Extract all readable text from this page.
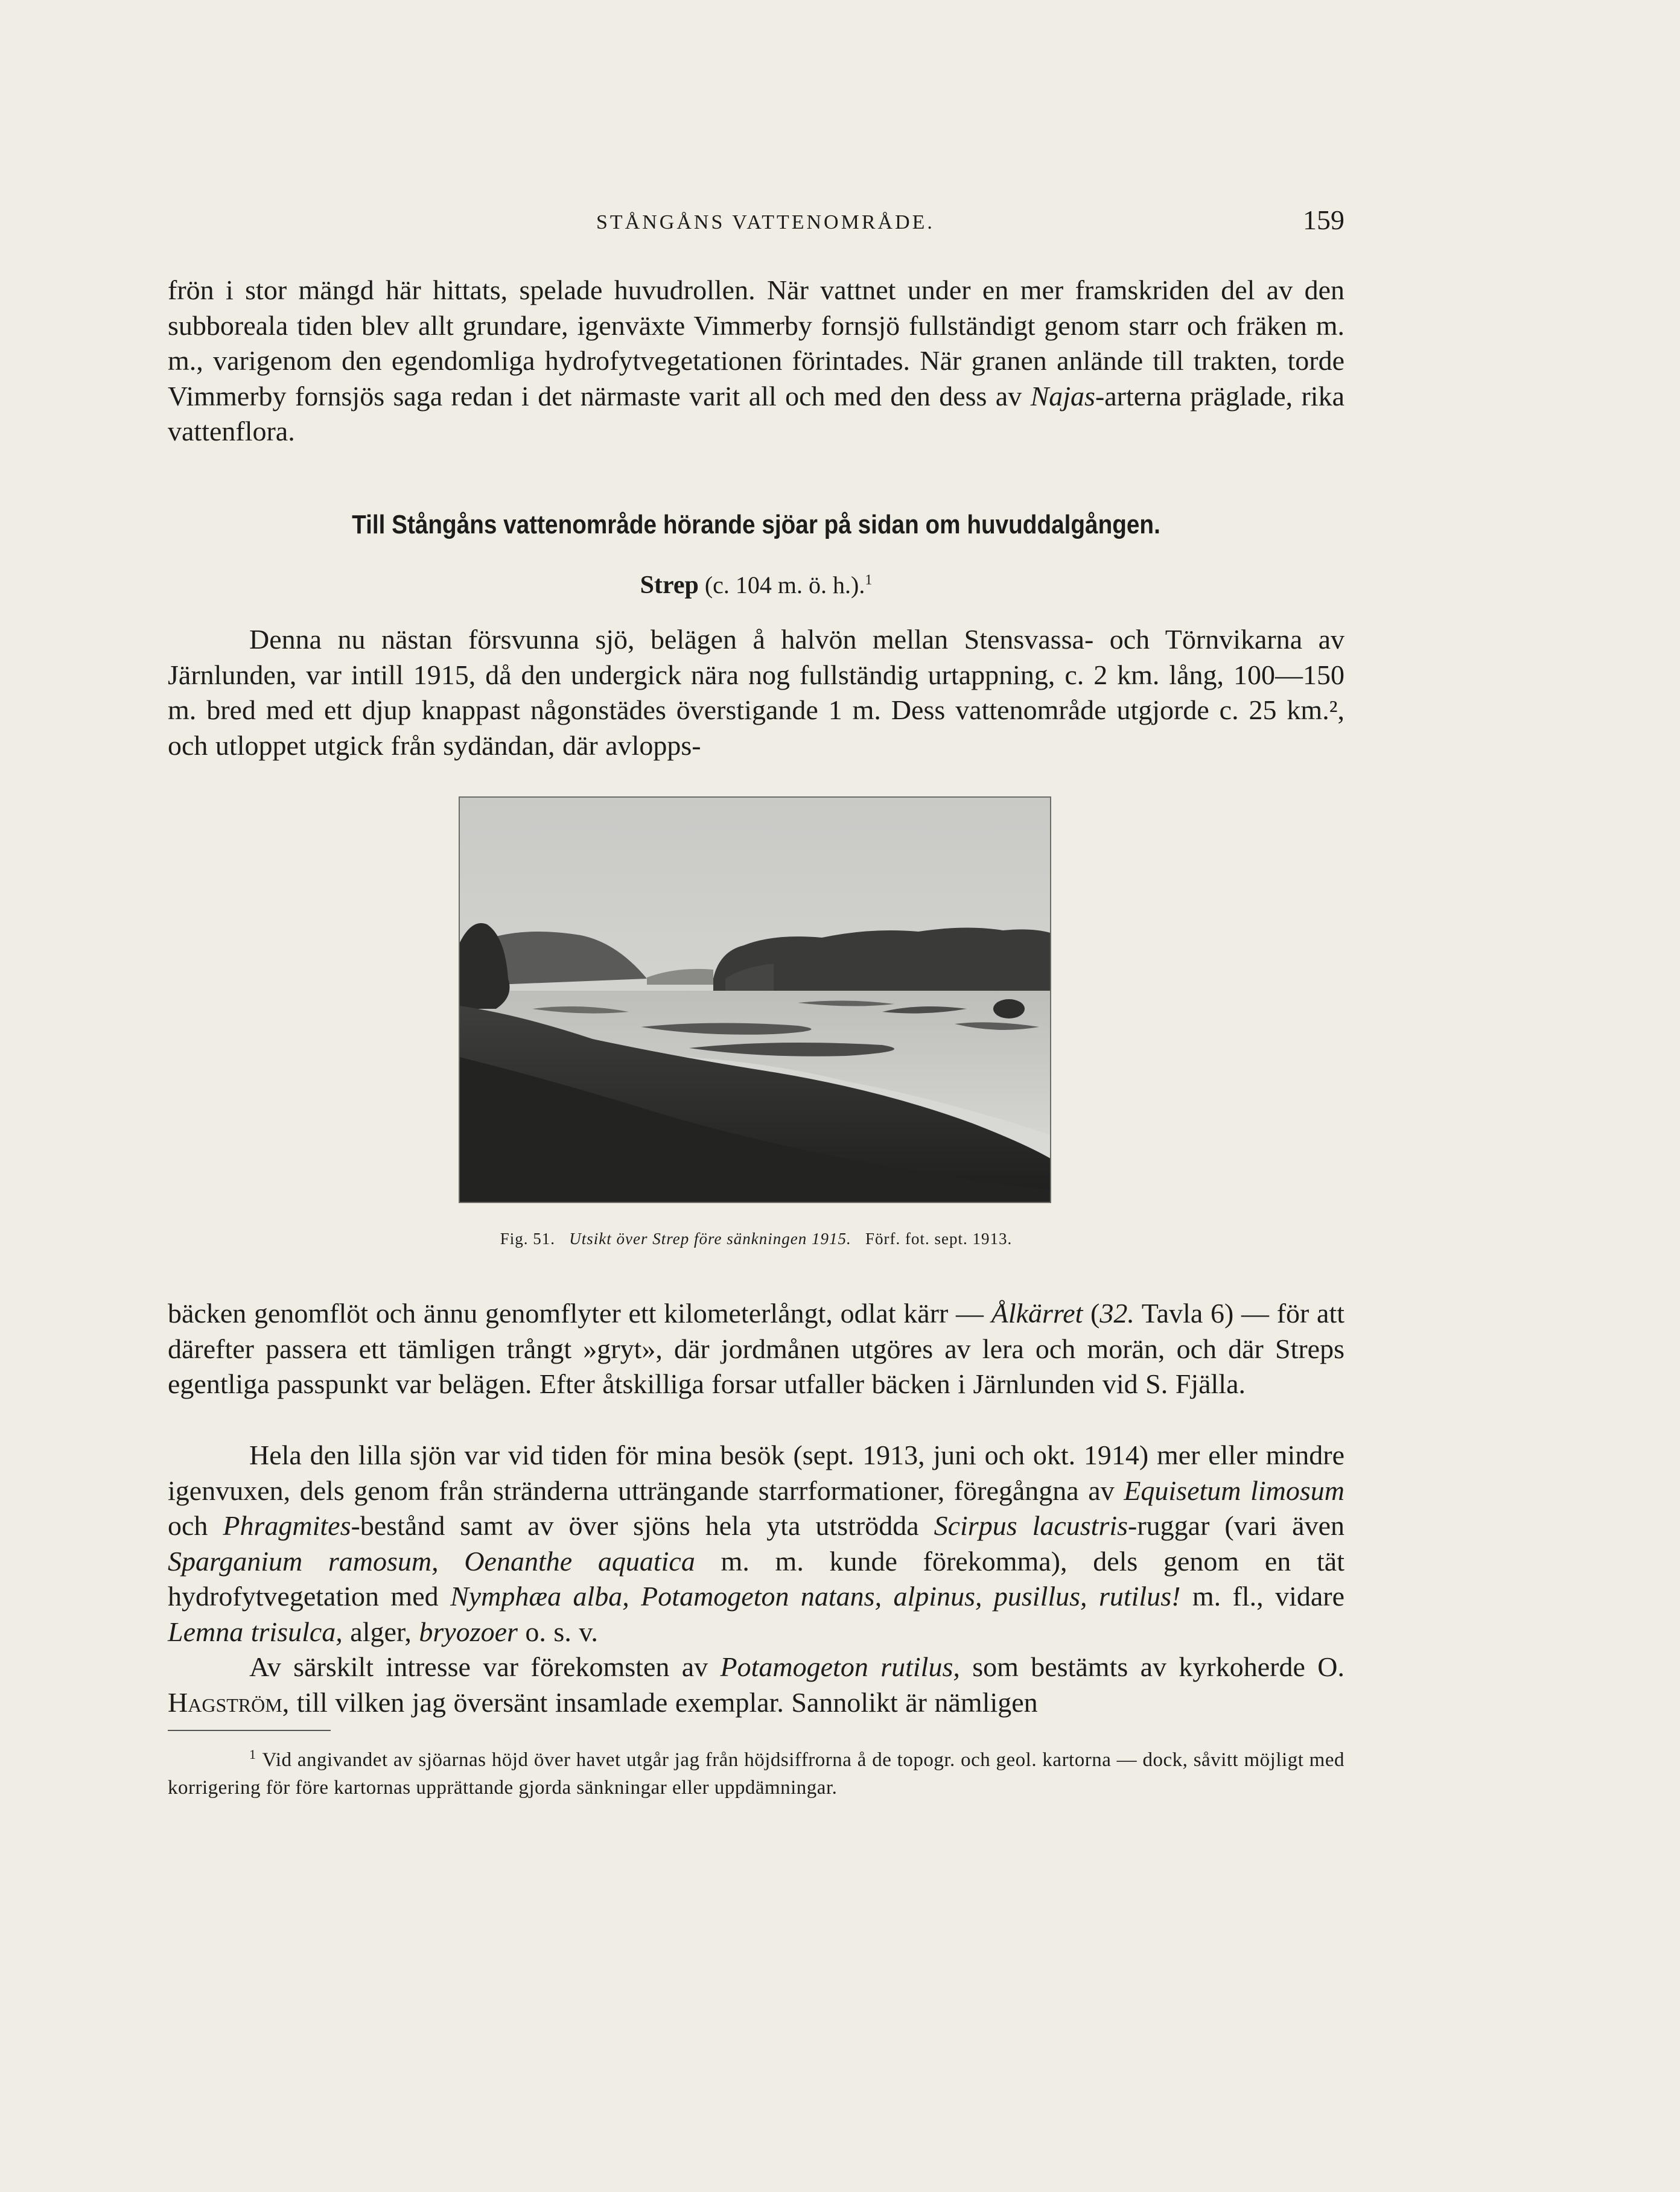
STÅNGÅNS VATTENOMRÅDE.	159
frön i stor mängd här hittats, spelade huvudrollen. När vattnet under en mer framskriden del av den subboreala tiden blev allt grundare, igenväxte Vimmerby fornsjö fullständigt genom starr och fräken m. m., varigenom den egendomliga hydrofytvegetationen förintades. När granen anlände till trakten, torde Vimmerby fornsjös saga redan i det närmaste varit all och med den dess av Najas-arterna präglade, rika vattenflora.
Till Stångåns vattenområde hörande sjöar på sidan om huvuddalgången.
Strep (c. 104 m. ö. h.).$^1$
Denna nu nästan försvunna sjö, belägen å halvön mellan Stensvassa- och Törnvikarna av Järnlunden, var intill 1915, då den undergick nära nog fullständig urtappning, c. 2 km. lång, 100—150 m. bred med ett djup knappast någonstädes överstigande 1 m. Dess vattenområde utgjorde c. 25 km.², och utloppet utgick från sydändan, där avlopps-
Fig. 51. Utsikt över Strep före sänkningen 1915. Förf. fot. sept. 1913.
bäcken genomflöt och ännu genomflyter ett kilometerlångt, odlat kärr — Ålkärret (32. Tavla 6) — för att därefter passera ett tämligen trångt »gryt», där jordmånen utgöres av lera och morän, och där Streps egentliga passpunkt var belägen. Efter åtskilliga forsar utfaller bäcken i Järnlunden vid S. Fjälla.
Hela den lilla sjön var vid tiden för mina besök (sept. 1913, juni och okt. 1914) mer eller mindre igenvuxen, dels genom från stränderna utträngande starrformationer, föregångna av Equisetum limosum och Phragmites-bestånd samt av över sjöns hela yta utströdda Scirpus lacustris-ruggar (vari även Sparganium ramosum, Oenanthe aquatica m. m. kunde förekomma), dels genom en tät hydrofytvegetation med Nymphæa alba, Potamogeton natans, alpinus, pusillus, rutilus! m. fl., vidare Lemna trisulca, alger, bryozoer o. s. v.
Av särskilt intresse var förekomsten av Potamogeton rutilus, som bestämts av kyrkoherde O. Hagström, till vilken jag översänt insamlade exemplar. Sannolikt är nämligen
$^1$ Vid angivandet av sjöarnas höjd över havet utgår jag från höjdsiffrorna å de topogr. och geol. kartorna — dock, såvitt möjligt med korrigering för före kartornas upprättande gjorda sänkningar eller uppdämningar.
